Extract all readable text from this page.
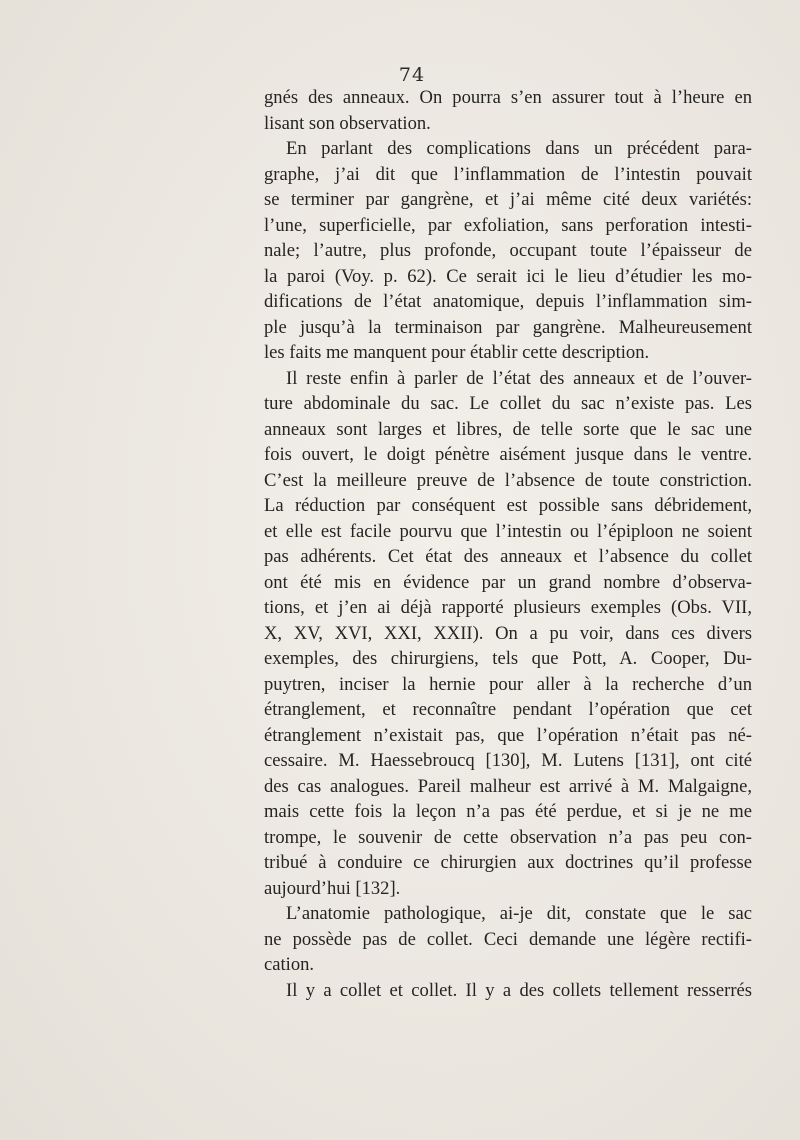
74
gnés des anneaux. On pourra s’en assurer tout à l’heure en
lisant son observation.
En parlant des complications dans un précédent para-
graphe, j’ai dit que l’inflammation de l’intestin pouvait
se terminer par gangrène, et j’ai même cité deux variétés:
l’une, superficielle, par exfoliation, sans perforation intesti-
nale; l’autre, plus profonde, occupant toute l’épaisseur de
la paroi (Voy. p. 62). Ce serait ici le lieu d’étudier les mo-
difications de l’état anatomique, depuis l’inflammation sim-
ple jusqu’à la terminaison par gangrène. Malheureusement
les faits me manquent pour établir cette description.
Il reste enfin à parler de l’état des anneaux et de l’ouver-
ture abdominale du sac. Le collet du sac n’existe pas. Les
anneaux sont larges et libres, de telle sorte que le sac une
fois ouvert, le doigt pénètre aisément jusque dans le ventre.
C’est la meilleure preuve de l’absence de toute constriction.
La réduction par conséquent est possible sans débridement,
et elle est facile pourvu que l’intestin ou l’épiploon ne soient
pas adhérents. Cet état des anneaux et l’absence du collet
ont été mis en évidence par un grand nombre d’observa-
tions, et j’en ai déjà rapporté plusieurs exemples (Obs. VII,
X, XV, XVI, XXI, XXII). On a pu voir, dans ces divers
exemples, des chirurgiens, tels que Pott, A. Cooper, Du-
puytren, inciser la hernie pour aller à la recherche d’un
étranglement, et reconnaître pendant l’opération que cet
étranglement n’existait pas, que l’opération n’était pas né-
cessaire. M. Haessebroucq [130], M. Lutens [131], ont cité
des cas analogues. Pareil malheur est arrivé à M. Malgaigne,
mais cette fois la leçon n’a pas été perdue, et si je ne me
trompe, le souvenir de cette observation n’a pas peu con-
tribué à conduire ce chirurgien aux doctrines qu’il professe
aujourd’hui [132].
L’anatomie pathologique, ai-je dit, constate que le sac
ne possède pas de collet. Ceci demande une légère rectifi-
cation.
Il y a collet et collet. Il y a des collets tellement resserrés
